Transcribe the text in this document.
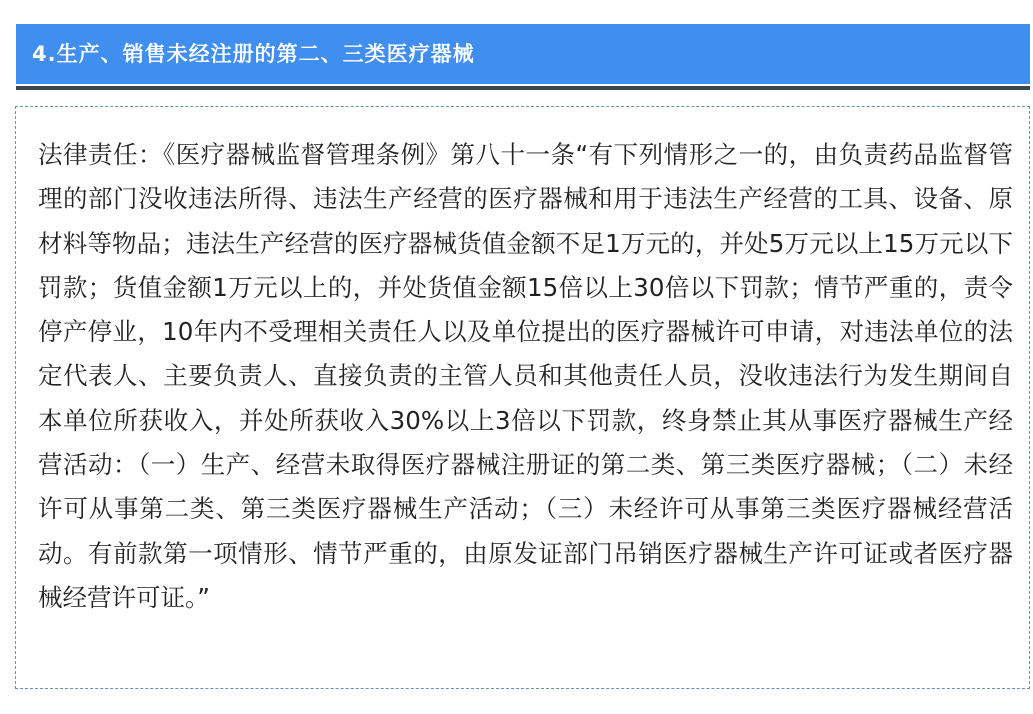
4.生产、销售未经注册的第二、三类医疗器械

法律责任：《医疗器械监督管理条例》第八十一条“有下列情形之一的，由负责药品监督管理的部门没收违法所得、违法生产经营的医疗器械和用于违法生产经营的工具、设备、原材料等物品；违法生产经营的医疗器械货值金额不足1万元的，并处5万元以上15万元以下罚款；货值金额1万元以上的，并处货值金额15倍以上30倍以下罚款；情节严重的，责令停产停业，10年内不受理相关责任人以及单位提出的医疗器械许可申请，对违法单位的法定代表人、主要负责人、直接负责的主管人员和其他责任人员，没收违法行为发生期间自本单位所获收入，并处所获收入30%以上3倍以下罚款，终身禁止其从事医疗器械生产经营活动：（一）生产、经营未取得医疗器械注册证的第二类、第三类医疗器械；（二）未经许可从事第二类、第三类医疗器械生产活动；（三）未经许可从事第三类医疗器械经营活动。有前款第一项情形、情节严重的，由原发证部门吊销医疗器械生产许可证或者医疗器械经营许可证。”
